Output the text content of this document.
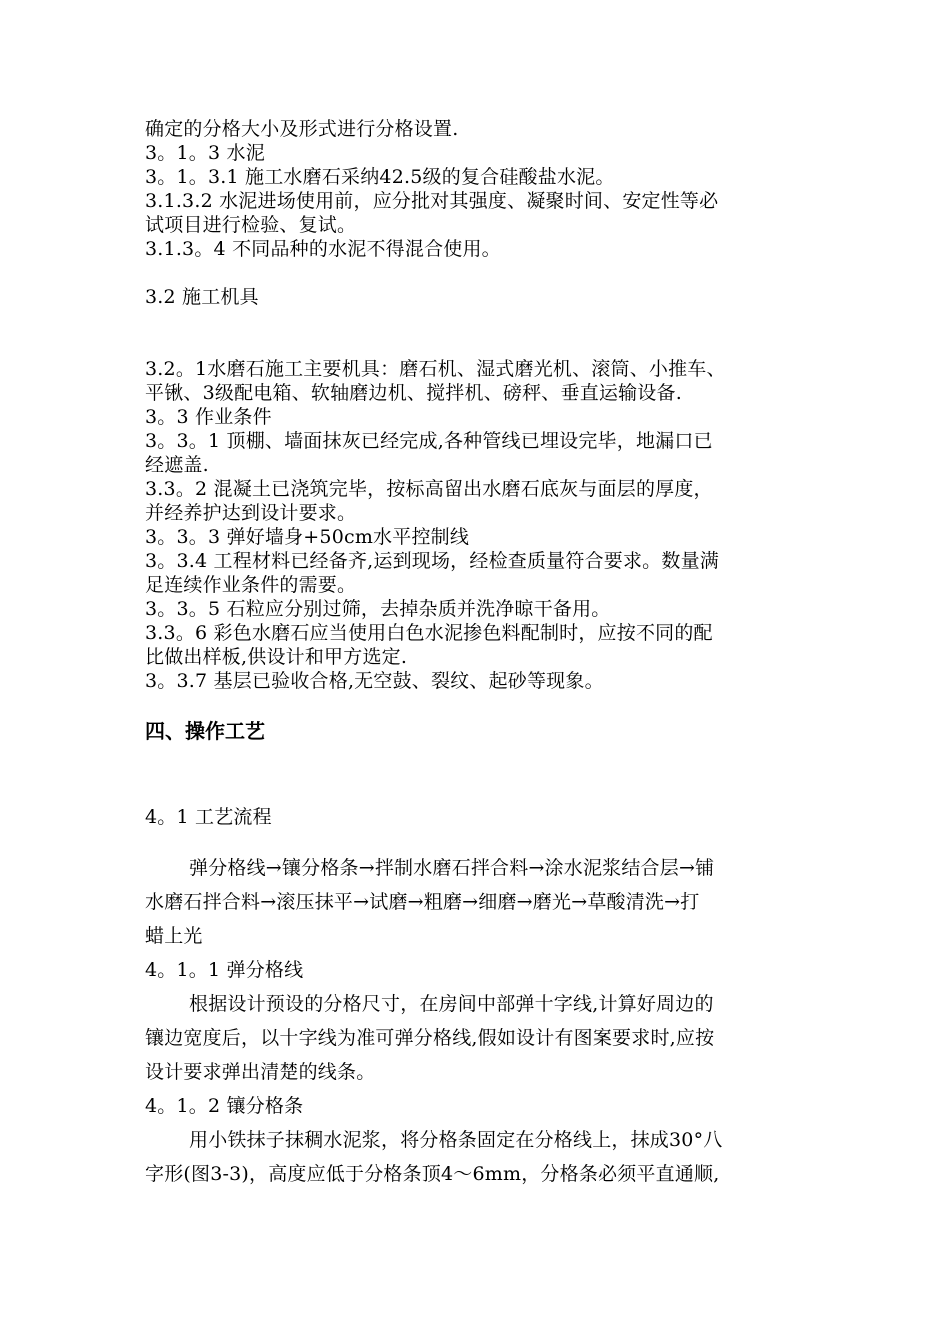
确定的分格大小及形式进行分格设置.
3。1。3 水泥
3。1。3.1 施工水磨石采纳42.5级的复合硅酸盐水泥。
3.1.3.2 水泥进场使用前，应分批对其强度、凝聚时间、安定性等必
试项目进行检验、复试。
3.1.3。4 不同品种的水泥不得混合使用。
3.2 施工机具
3.2。1水磨石施工主要机具：磨石机、湿式磨光机、滚筒、小推车、
平锹、3级配电箱、软轴磨边机、搅拌机、磅秤、垂直运输设备.
3。3 作业条件
3。3。1 顶棚、墙面抹灰已经完成,各种管线已埋设完毕，地漏口已
经遮盖.
3.3。2 混凝土已浇筑完毕，按标高留出水磨石底灰与面层的厚度，
并经养护达到设计要求。
3。3。3 弹好墙身+50cm水平控制线
3。3.4 工程材料已经备齐,运到现场，经检查质量符合要求。数量满
足连续作业条件的需要。
3。3。5 石粒应分别过筛，去掉杂质并洗净晾干备用。
3.3。6 彩色水磨石应当使用白色水泥掺色料配制时，应按不同的配
比做出样板,供设计和甲方选定.
3。3.7 基层已验收合格,无空鼓、裂纹、起砂等现象。
四、操作工艺
4。1 工艺流程
弹分格线→镶分格条→拌制水磨石拌合料→涂水泥浆结合层→铺
水磨石拌合料→滚压抹平→试磨→粗磨→细磨→磨光→草酸清洗→打
蜡上光
4。1。1 弹分格线
根据设计预设的分格尺寸，在房间中部弹十字线,计算好周边的
镶边宽度后，以十字线为准可弹分格线,假如设计有图案要求时,应按
设计要求弹出清楚的线条。
4。1。2 镶分格条
用小铁抹子抹稠水泥浆，将分格条固定在分格线上，抹成30°八
字形(图3-3)，高度应低于分格条顶4～6mm，分格条必须平直通顺,
